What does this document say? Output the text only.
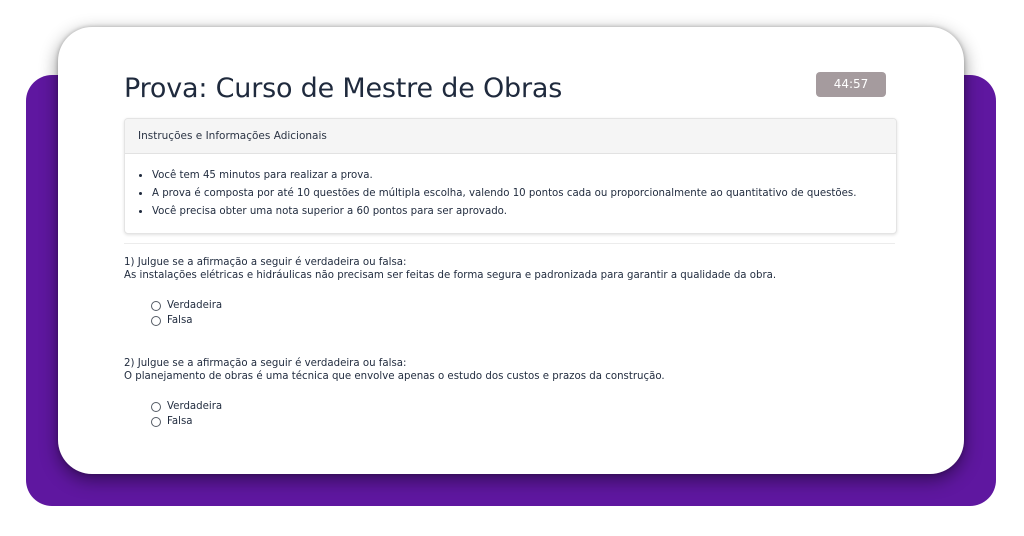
Prova: Curso de Mestre de Obras	44:57
Instruções e Informações Adicionais
• Você tem 45 minutos para realizar a prova.
• A prova é composta por até 10 questões de múltipla escolha, valendo 10 pontos cada ou proporcionalmente ao quantitativo de questões.
• Você precisa obter uma nota superior a 60 pontos para ser aprovado.
1) Julgue se a afirmação a seguir é verdadeira ou falsa:
As instalações elétricas e hidráulicas não precisam ser feitas de forma segura e padronizada para garantir a qualidade da obra.
Verdadeira
Falsa
2) Julgue se a afirmação a seguir é verdadeira ou falsa:
O planejamento de obras é uma técnica que envolve apenas o estudo dos custos e prazos da construção.
Verdadeira
Falsa
